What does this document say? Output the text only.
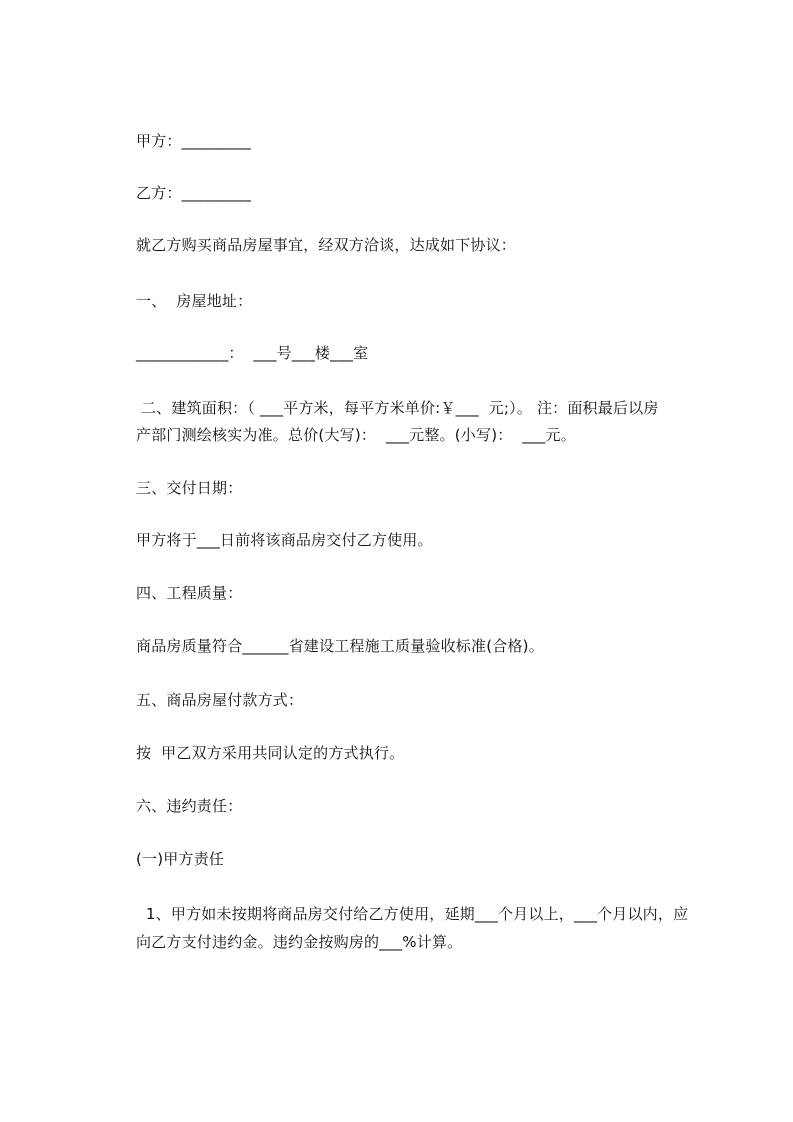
甲方：_________
乙方：_________
就乙方购买商品房屋事宜，经双方洽谈，达成如下协议：
一、  房屋地址：
____________：  ___号___楼___室
二、建筑面积：（ ___平方米，每平方米单价:￥___  元;）。 注：面积最后以房
产部门测绘核实为准。总价(大写)：  ___元整。(小写)：  ___元。
三、交付日期：
甲方将于___日前将该商品房交付乙方使用。
四、工程质量：
商品房质量符合______省建设工程施工质量验收标准(合格)。
五、商品房屋付款方式：
按  甲乙双方采用共同认定的方式执行。
六、违约责任：
(一)甲方责任
1、甲方如未按期将商品房交付给乙方使用，延期___个月以上，___个月以内，应
向乙方支付违约金。违约金按购房的___%计算。
